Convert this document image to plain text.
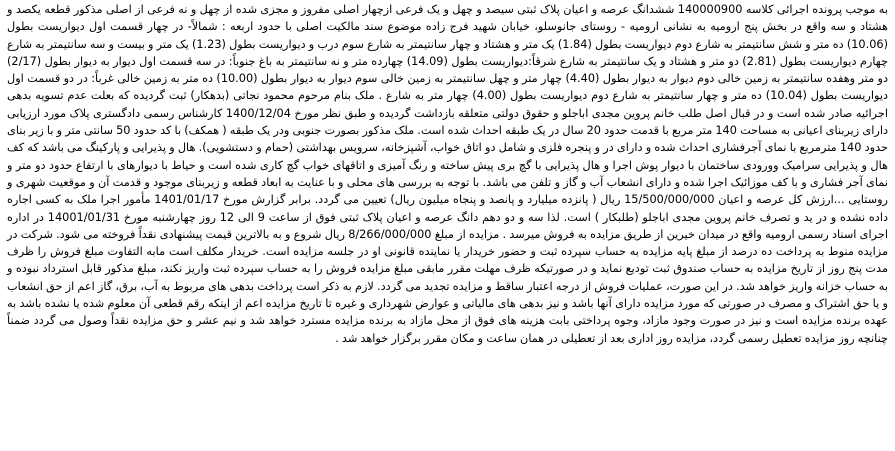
به موجب پرونده اجرائی کلاسه 140000900 ششدانگ عرصه و اعیان پلاک ثبتی سیصد و چهل و یک فرعی ازچهار اصلی مفروز و مجزی شده از چهل و نه فرعی از اصلی مذکور قطعه یکصد و هشتاد و سه واقع در بخش پنج ارومیه به نشانی ارومیه - روستای جانوسلو، خیابان شهید فرج زاده موضوع سند مالکیت اصلی با حدود اربعه : شمالاً- در چهار قسمت اول دیواریست بطول (10.06) ده متر و شش سانتیمتر به شارع دوم دیواریست بطول (1.84) یک متر و هشتاد و چهار سانتیمتر به شارع سوم درب و دیواریست بطول (1.23) یک متر و بیست و سه سانتیمتر به شارع چهارم دیواریست بطول (2.81) دو متر و هشتاد و یک سانتیمتر به شارع شرقاً:دیواریست بطول (14.09) چهارده متر و نه سانتیمتر به باغ جنوباً: در سه قسمت اول دیوار به دیوار بطول (2/17) دو متر وهفده سانتیمتر به زمین خالی دوم دیوار به دیوار بطول (4.40) چهار متر و چهل سانتیمتر به زمین خالی سوم دیوار به دیوار بطول (10.00) ده متر به زمین خالی غرباً: در دو قسمت اول دیواریست بطول (10.04) ده متر و چهار سانتیمتر به شارع دوم دیواریست بطول (4.00) چهار متر به شارع . ملک بنام مرحوم محمود نجاتی (بدهکار) ثبت گردیده که بعلت عدم تسویه بدهی اجرائیه صادر شده است و در قبال اصل طلب خانم پروین مجدی اباجلو و حقوق دولتی متعلقه بازداشت گردیده و طبق نظر مورخ 1400/12/04 کارشناس رسمی دادگستری پلاک مورد ارزیابی دارای زیربنای اعیانی به مساحت 140 متر مربع با قدمت حدود 20 سال در یک طبقه احداث شده است. ملک مذکور بصورت جنوبی ودر یک طبقه ( همکف) با کد حدود 50 سانتی متر و با زیر بنای حدود 140 مترمربع با نمای آجرفشاری احداث شده و دارای در و پنجره فلزی و شامل دو اتاق خواب، آشپزخانه، سرویس بهداشتی (حمام و دستشویی). هال و پذیرایی و پارکینگ می باشد که کف هال و پذیرایی سرامیک وورودی ساختمان با دیوار پوش اجرا و هال پذیرایی با گچ بری پیش ساخته و رنگ آمیزی و اتاقهای خواب گچ کاری شده است و حیاط با دیوارهای با ارتفاع حدود دو متر و نمای آجر فشاری و با کف موزائیک اجرا شده و دارای انشعاب آب و گاز و تلفن می باشد. با توجه به بررسی های محلی و با عنایت به ابعاد قطعه و زیربنای موجود و قدمت آن و موقعیت شهری و روستایی ...ارزش کل عرصه و اعیان 15/500/000/000 ریال ( پانزده میلیارد و پانصد و پنجاه میلیون ریال) تعیین می گردد. برابر گزارش مورخ 1401/01/17 مأمور اجرا ملک به کسی اجاره داده نشده و در ید و تصرف خانم پروین مجدی اباجلو (طلبکار ) است. لذا سه و دو دهم دانگ عرصه و اعیان پلاک ثبتی فوق از ساعت 9 الی 12 روز چهارشنبه مورخ 14001/01/31 در اداره اجرای اسناد رسمی ارومیه واقع در میدان خیرین از طریق مزایده به فروش میرسد . مزایده از مبلغ 8/266/000/000 ریال شروع و به بالاترین قیمت پیشنهادی نقداً فروخته می شود. شرکت در مزایده منوط به پرداخت ده درصد از مبلغ پایه مزایده به حساب سپرده ثبت و حضور خریدار یا نماینده قانونی او در جلسه مزایده است. خریدار مکلف است مابه التفاوت مبلغ فروش را ظرف مدت پنج روز از تاریخ مزایده به حساب صندوق ثبت تودیع نماید و در صورتیکه ظرف مهلت مقرر مابقی مبلغ مزایده فروش را به حساب سپرده ثبت واریز نکند، مبلغ مذکور قابل استرداد نبوده و به حساب خزانه واریز خواهد شد. در این صورت، عملیات فروش از درجه اعتبار ساقط و مزایده تجدید می گردد. لازم به ذکر است پرداخت بدهی های مربوط به آب، برق، گاز اعم از حق انشعاب و یا حق اشتراک و مصرف در صورتی که مورد مزایده دارای آنها باشد و نیز بدهی های مالیاتی و عوارض شهرداری و غیره تا تاریخ مزایده اعم از اینکه رقم قطعی آن معلوم شده یا نشده باشد به عهده برنده مزایده است و نیز در صورت وجود مازاد، وجوه پرداختی بابت هزینه های فوق از محل مازاد به برنده مزایده مسترد خواهد شد و نیم عشر و حق مزایده نقداً وصول می گردد ضمناً چنانچه روز مزایده تعطیل رسمی گردد، مزایده روز اداری بعد از تعطیلی در همان ساعت و مکان مقرر برگزار خواهد شد .
